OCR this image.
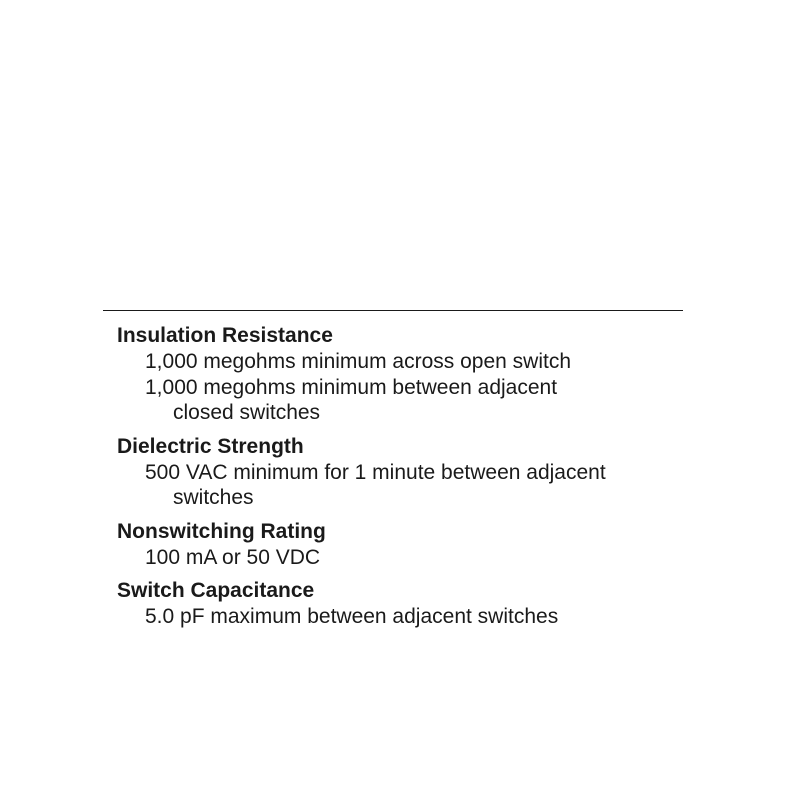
Insulation Resistance

1,000 megohms minimum across open switch

1,000 megohms minimum between adjacent

closed switches

Dielectric Strength

500 VAC minimum for 1 minute between adjacent

switches

Nonswitching Rating

100 mA or 50 VDC

Switch Capacitance

5.0 pF maximum between adjacent switches
